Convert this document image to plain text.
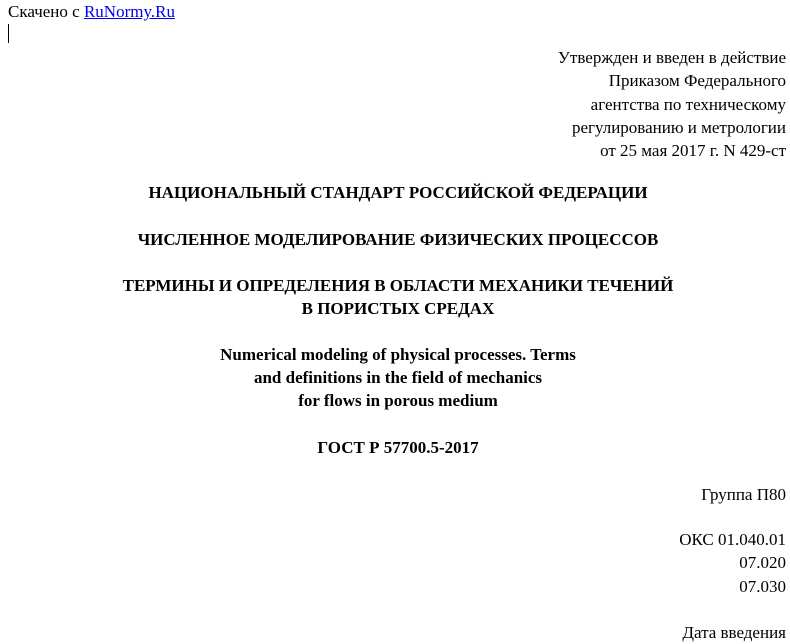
Скачено с RuNormy.Ru
Утвержден и введен в действие
Приказом Федерального
агентства по техническому
регулированию и метрологии
от 25 мая 2017 г. N 429-ст
НАЦИОНАЛЬНЫЙ СТАНДАРТ РОССИЙСКОЙ ФЕДЕРАЦИИ
ЧИСЛЕННОЕ МОДЕЛИРОВАНИЕ ФИЗИЧЕСКИХ ПРОЦЕССОВ
ТЕРМИНЫ И ОПРЕДЕЛЕНИЯ В ОБЛАСТИ МЕХАНИКИ ТЕЧЕНИЙ
В ПОРИСТЫХ СРЕДАХ
Numerical modeling of physical processes. Terms
and definitions in the field of mechanics
for flows in porous medium
ГОСТ Р 57700.5-2017
Группа П80
ОКС 01.040.01
07.020
07.030
Дата введения
